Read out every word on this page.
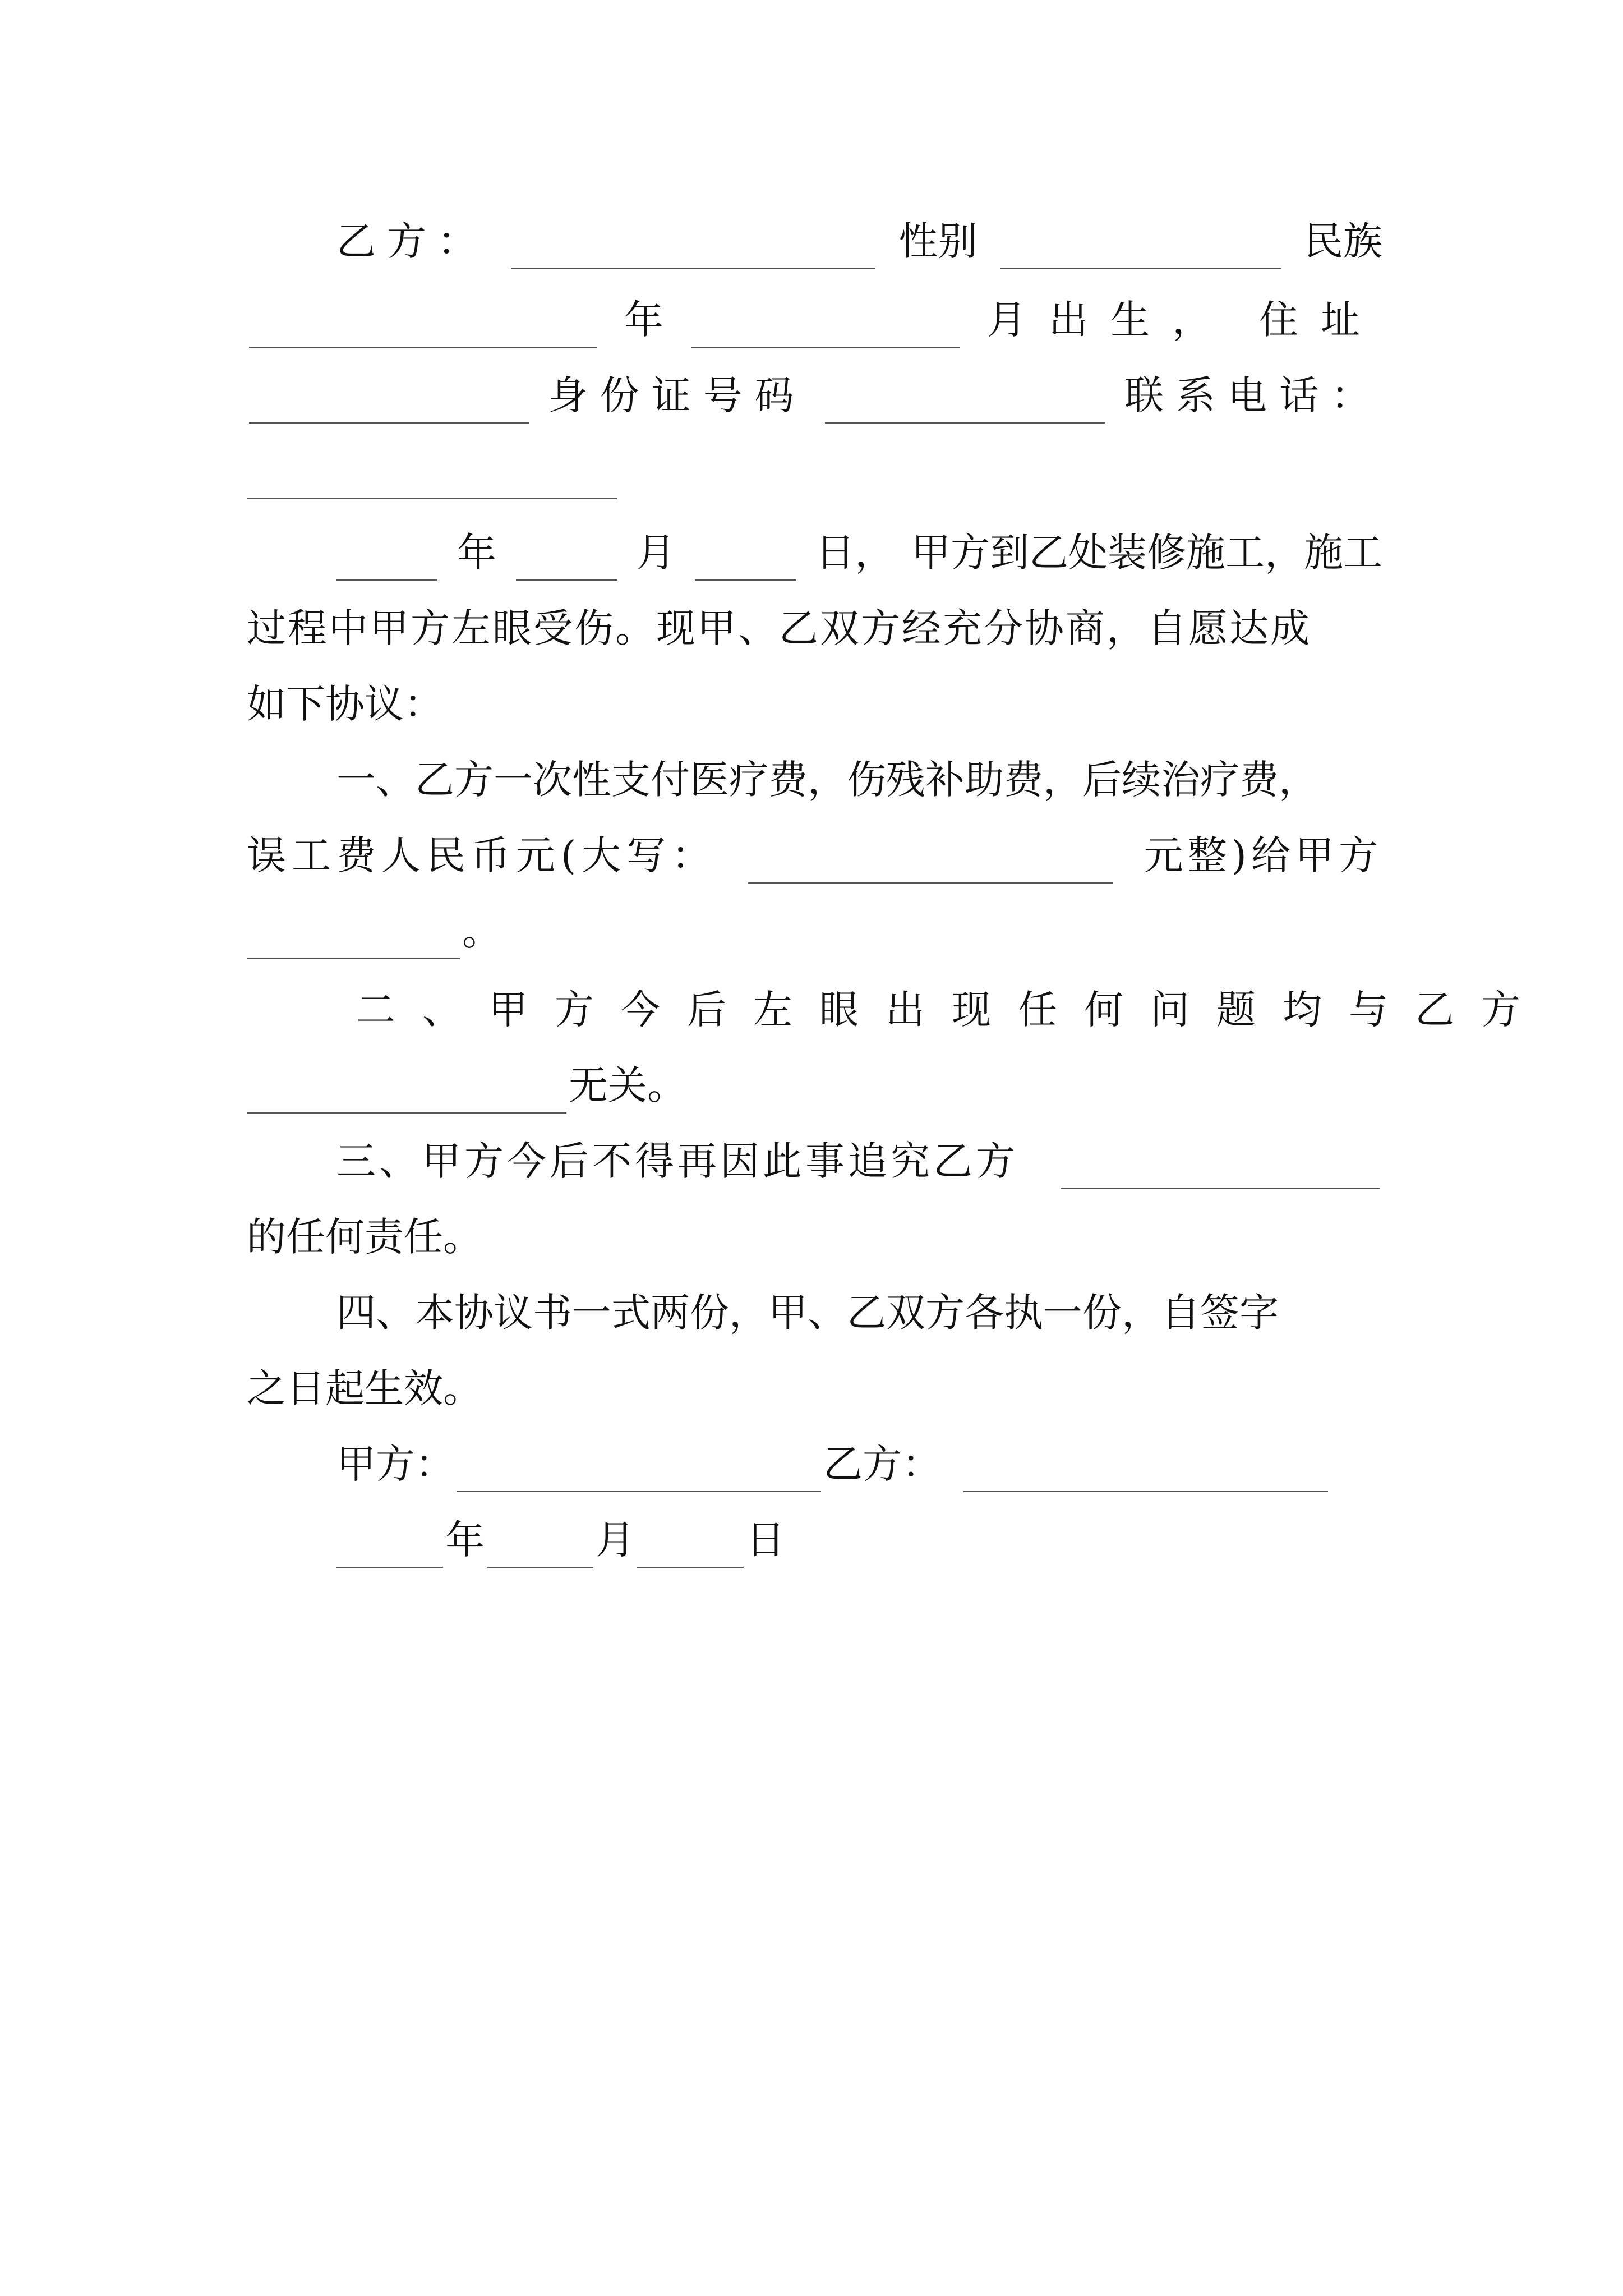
乙方：	性别	民族
年	月出生， 住址
身份证号码	联系电话：
年	月	日， 甲方到乙处装修施工，施工
过程中甲方左眼受伤。现甲、乙双方经充分协商，自愿达成
如下协议：
一、乙方一次性支付医疗费，伤残补助费，后续治疗费，
误工费人民币元(大写：	元整)给甲方
。
二、甲方今后左眼出现任何问题均与乙方
无关。
三、甲方今后不得再因此事追究乙方
的任何责任。
四、本协议书一式两份，甲、乙双方各执一份，自签字
之日起生效。
甲方：	乙方：
年	月	日
